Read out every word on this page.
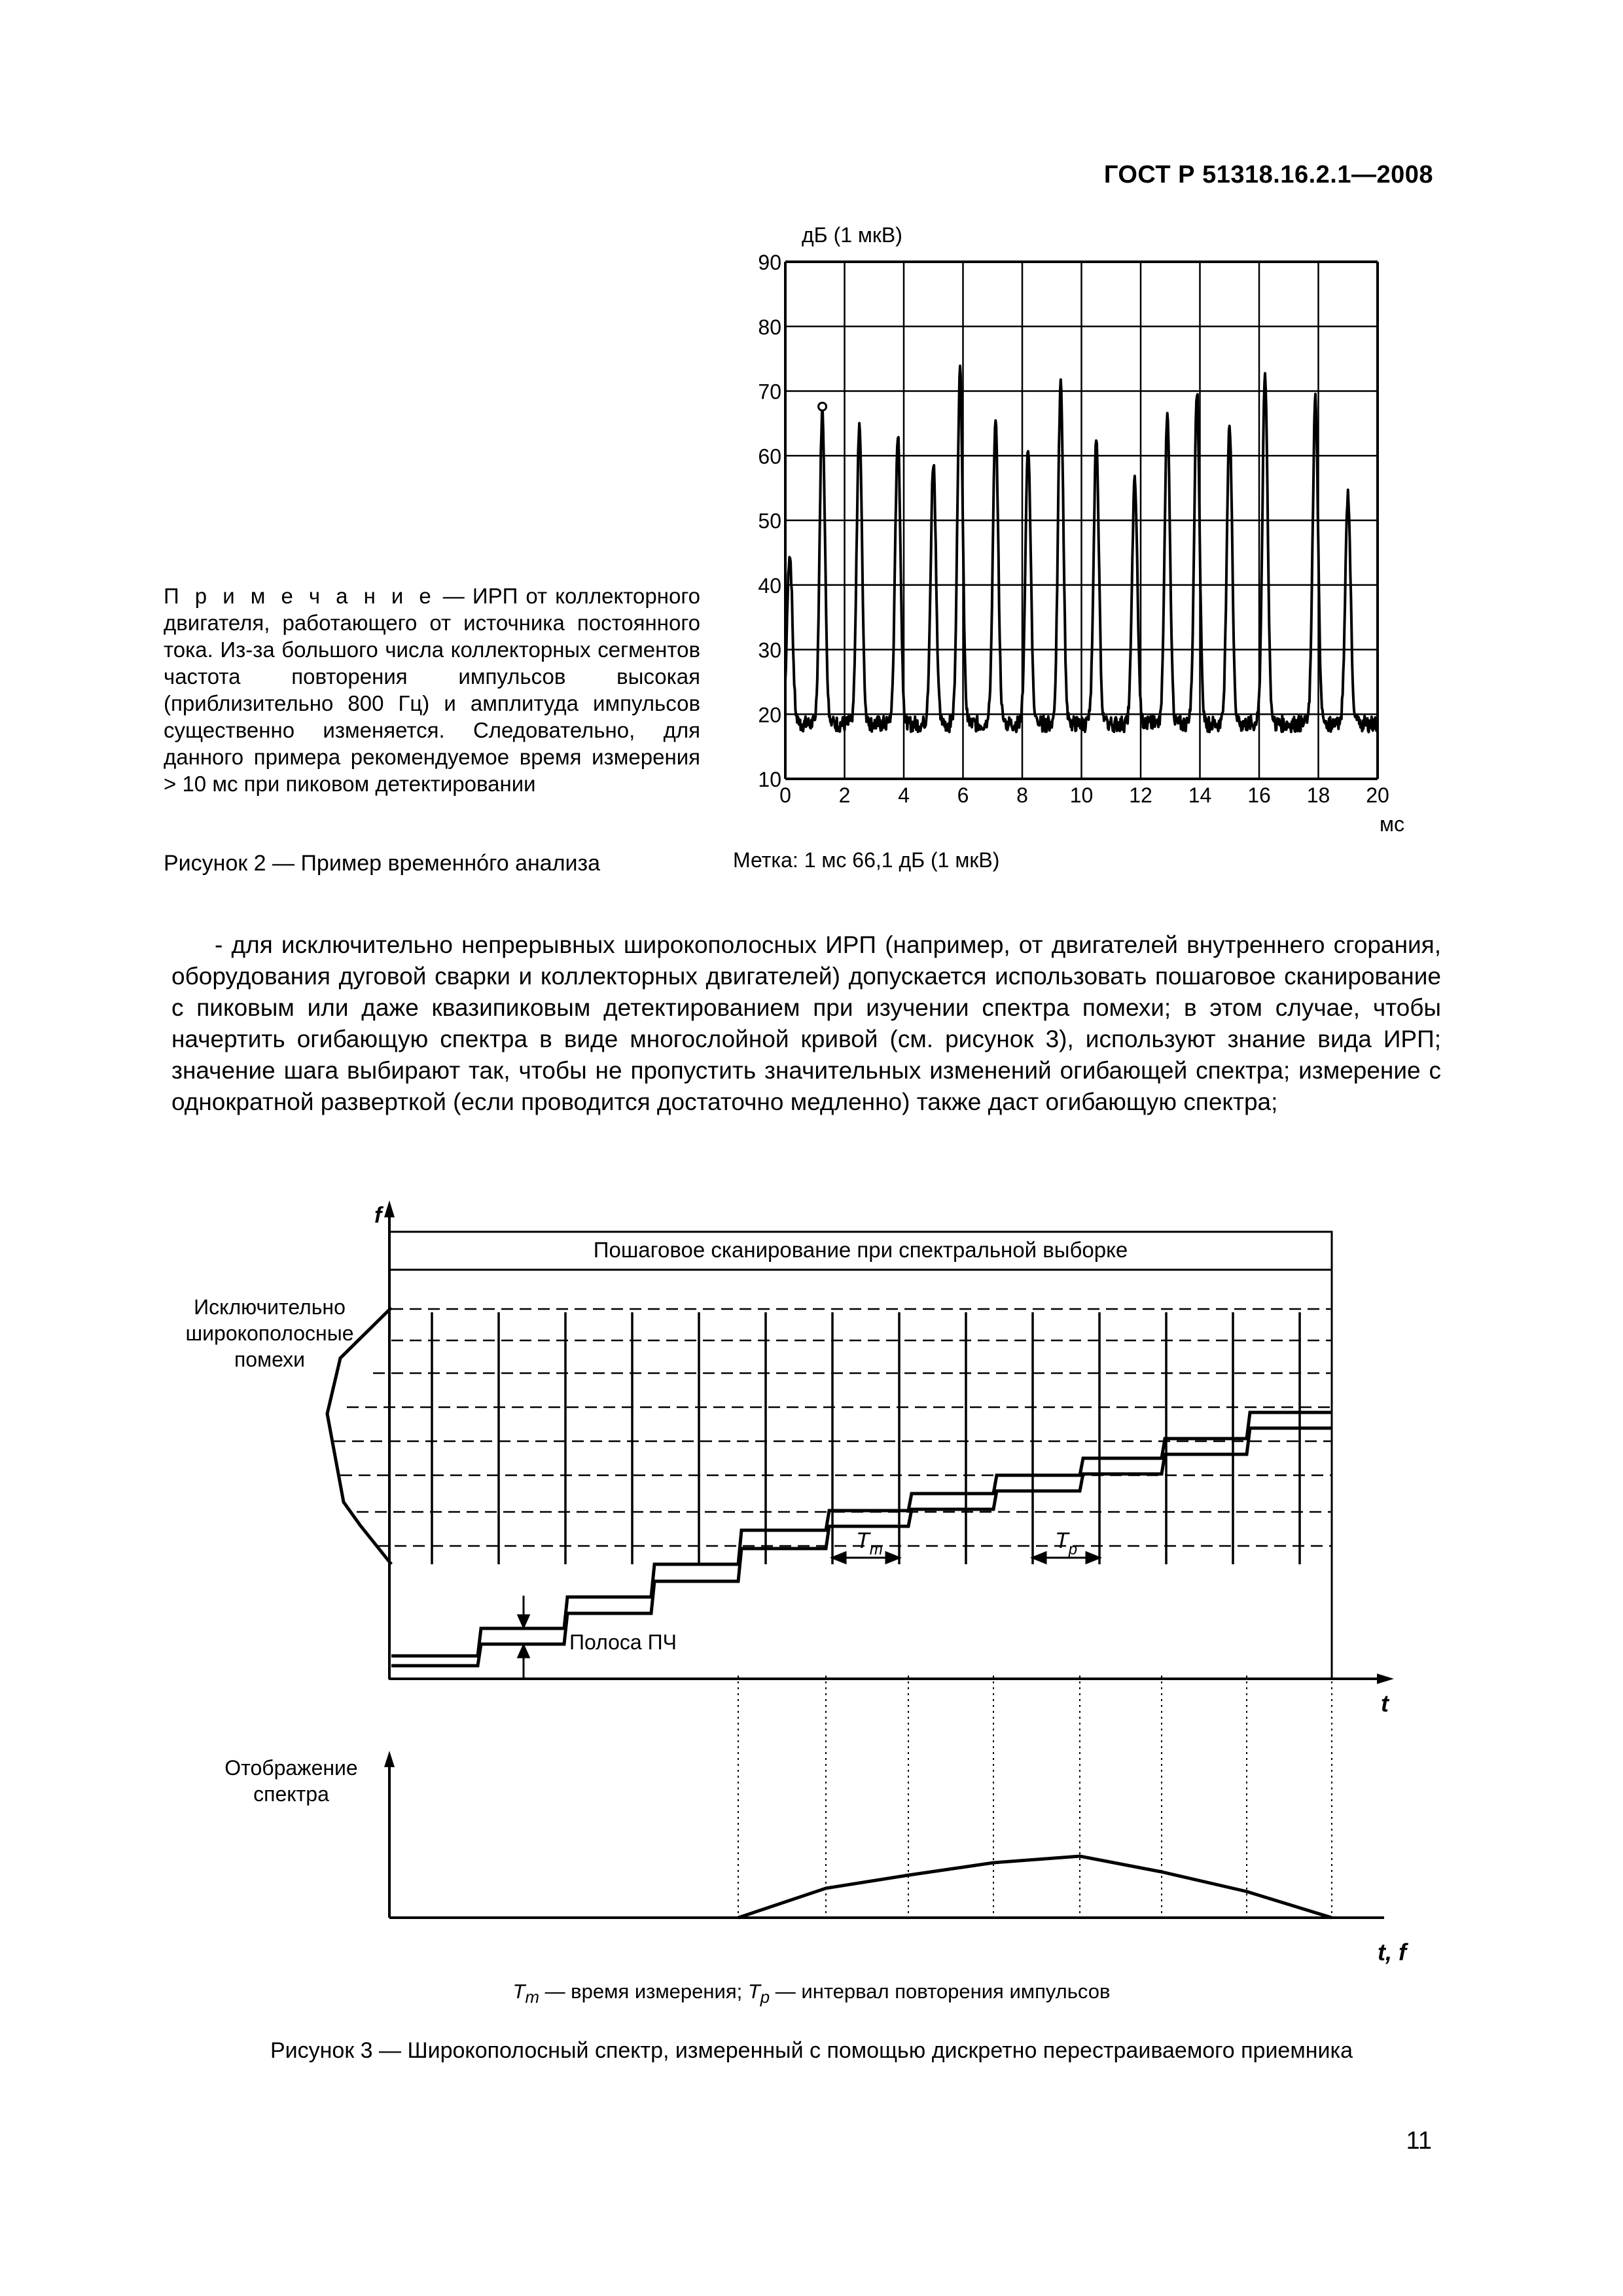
ГОСТ Р 51318.16.2.1—2008
П р и м е ч а н и е — ИРП от коллекторного двигателя, работающего от источника постоянного тока. Из-за большого числа коллекторных сегментов частота повторения импульсов высокая (приблизительно 800 Гц) и амплитуда импульсов существенно изменяется. Следовательно, для данного примера рекомендуемое время измерения > 10 мс при пиковом детектировании
дБ (1 мкВ)
мс
10
20
30
40
50
60
70
80
90
0 2 4 6 8 10 12 14 16 18 20
Рисунок 2 — Пример временнóго анализа	Метка: 1 мс 66,1 дБ (1 мкВ)

- для исключительно непрерывных широкополосных ИРП (например, от двигателей внутреннего сгорания, оборудования дуговой сварки и коллекторных двигателей) допускается использовать пошаговое сканирование с пиковым или даже квазипиковым детектированием при изучении спектра помехи; в этом случае, чтобы начертить огибающую спектра в виде многослойной кривой (см. рисунок 3), используют знание вида ИРП; значение шага выбирают так, чтобы не пропустить значительных изменений огибающей спектра; измерение с однократной разверткой (если проводится достаточно медленно) также даст огибающую спектра;

f
t
Пошаговое сканирование при спектральной выборке
Исключительно
широкополосные
помехи
Полоса ПЧ
$T_m$	$T_p$
Отображение
спектра
t, f
$T_m$ — время измерения; $T_p$ — интервал повторения импульсов
Рисунок 3 — Широкополосный спектр, измеренный с помощью дискретно перестраиваемого приемника
11
